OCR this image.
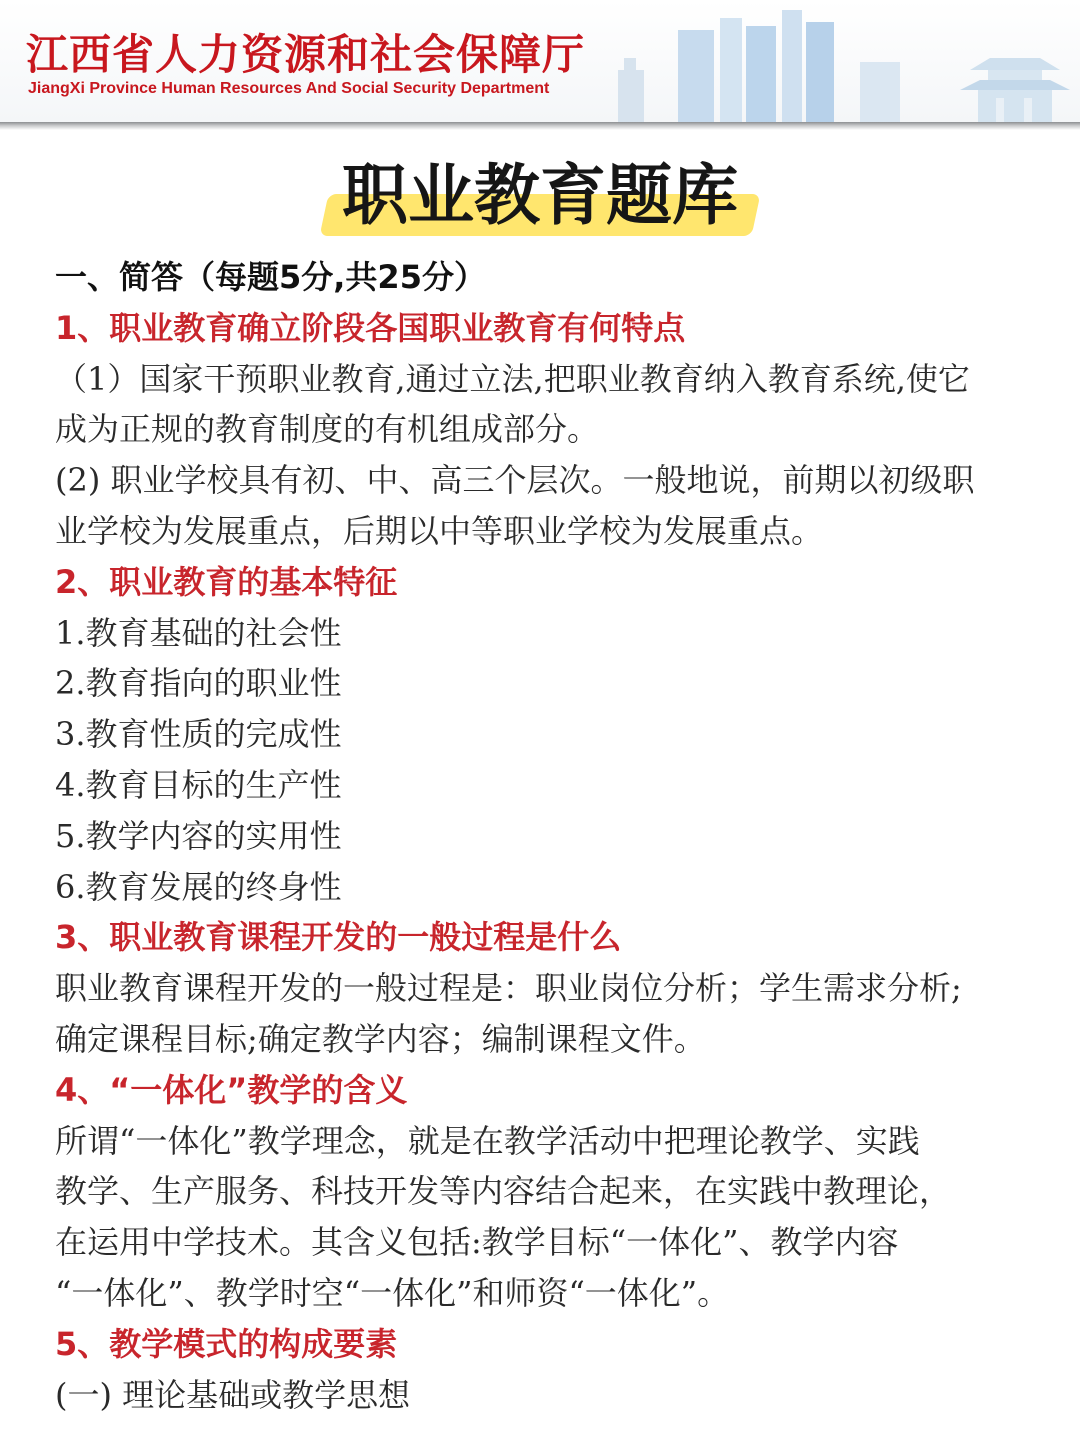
江西省人力资源和社会保障厅
JiangXi Province Human Resources And Social Security Department
职业教育题库
一、简答（每题5分,共25分）
1、职业教育确立阶段各国职业教育有何特点
（1）国家干预职业教育,通过立法,把职业教育纳入教育系统,使它
成为正规的教育制度的有机组成部分。
(2) 职业学校具有初、中、高三个层次。一般地说，前期以初级职
业学校为发展重点，后期以中等职业学校为发展重点。
2、职业教育的基本特征
1.教育基础的社会性
2.教育指向的职业性
3.教育性质的完成性
4.教育目标的生产性
5.教学内容的实用性
6.教育发展的终身性
3、职业教育课程开发的一般过程是什么
职业教育课程开发的一般过程是：职业岗位分析；学生需求分析;
确定课程目标;确定教学内容；编制课程文件。
4、“一体化”教学的含义
所谓“一体化”教学理念，就是在教学活动中把理论教学、实践
教学、生产服务、科技开发等内容结合起来，在实践中教理论，
在运用中学技术。其含义包括:教学目标“一体化”、教学内容
“一体化”、教学时空“一体化”和师资“一体化”。
5、教学模式的构成要素
(一) 理论基础或教学思想
